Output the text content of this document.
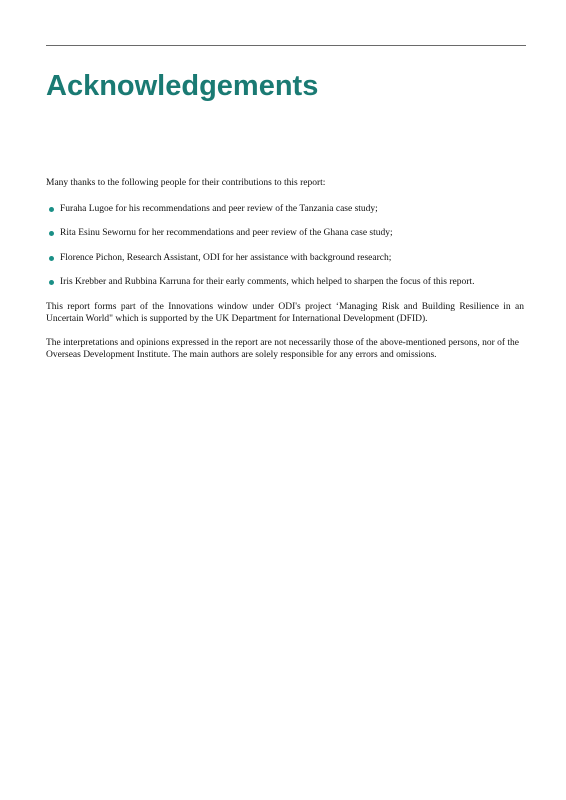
Acknowledgements

Many thanks to the following people for their contributions to this report:

Furaha Lugoe for his recommendations and peer review of the Tanzania case study;
Rita Esinu Sewornu for her recommendations and peer review of the Ghana case study;
Florence Pichon, Research Assistant, ODI for her assistance with background research;
Iris Krebber and Rubbina Karruna for their early comments, which helped to sharpen the focus of this report.

This report forms part of the Innovations window under ODI's project ‘Managing Risk and Building Resilience in an Uncertain World" which is supported by the UK Department for International Development (DFID).

The interpretations and opinions expressed in the report are not necessarily those of the above-mentioned persons, nor of the Overseas Development Institute. The main authors are solely responsible for any errors and omissions.
